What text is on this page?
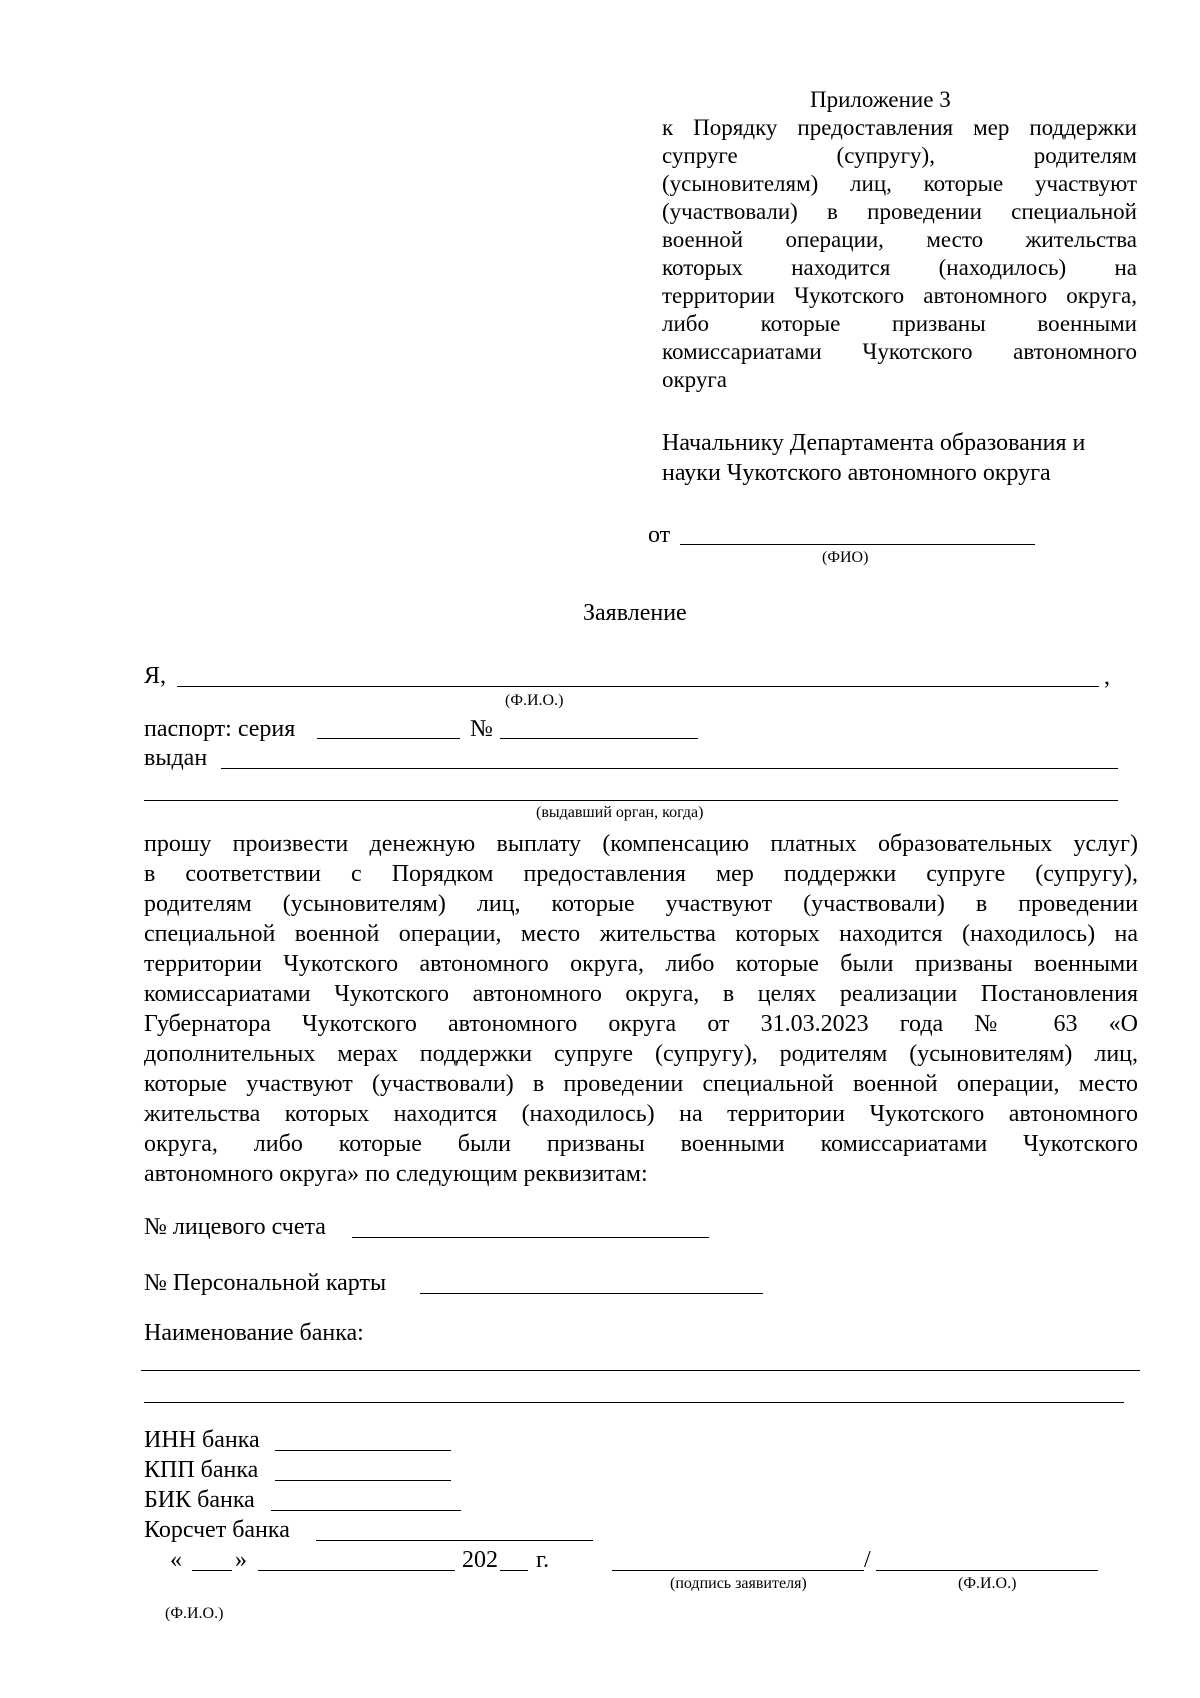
Приложение 3
к Порядку предоставления мер поддержки
супруге (супругу), родителям
(усыновителям) лиц, которые участвуют
(участвовали) в проведении специальной
военной операции, место жительства
которых находится (находилось) на
территории Чукотского автономного округа,
либо которые призваны военными
комиссариатами Чукотского автономного
округа
Начальнику Департамента образования и
науки Чукотского автономного округа
от
(ФИО)
Заявление
Я,	,
(Ф.И.О.)
паспорт: серия	№
выдан
(выдавший орган, когда)
прошу произвести денежную выплату (компенсацию платных образовательных услуг)
в соответствии с Порядком предоставления мер поддержки супруге (супругу),
родителям (усыновителям) лиц, которые участвуют (участвовали) в проведении
специальной военной операции, место жительства которых находится (находилось) на
территории Чукотского автономного округа, либо которые были призваны военными
комиссариатами Чукотского автономного округа, в целях реализации Постановления
Губернатора Чукотского автономного округа от 31.03.2023 года № 63 «О
дополнительных мерах поддержки супруге (супругу), родителям (усыновителям) лиц,
которые участвуют (участвовали) в проведении специальной военной операции, место
жительства которых находится (находилось) на территории Чукотского автономного
округа, либо которые были призваны военными комиссариатами Чукотского
автономного округа» по следующим реквизитам:
№ лицевого счета
№ Персональной карты
Наименование банка:
ИНН банка
КПП банка
БИК банка
Корсчет банка
« »	202 г.	/
(подпись заявителя)	(Ф.И.О.)
(Ф.И.О.)
